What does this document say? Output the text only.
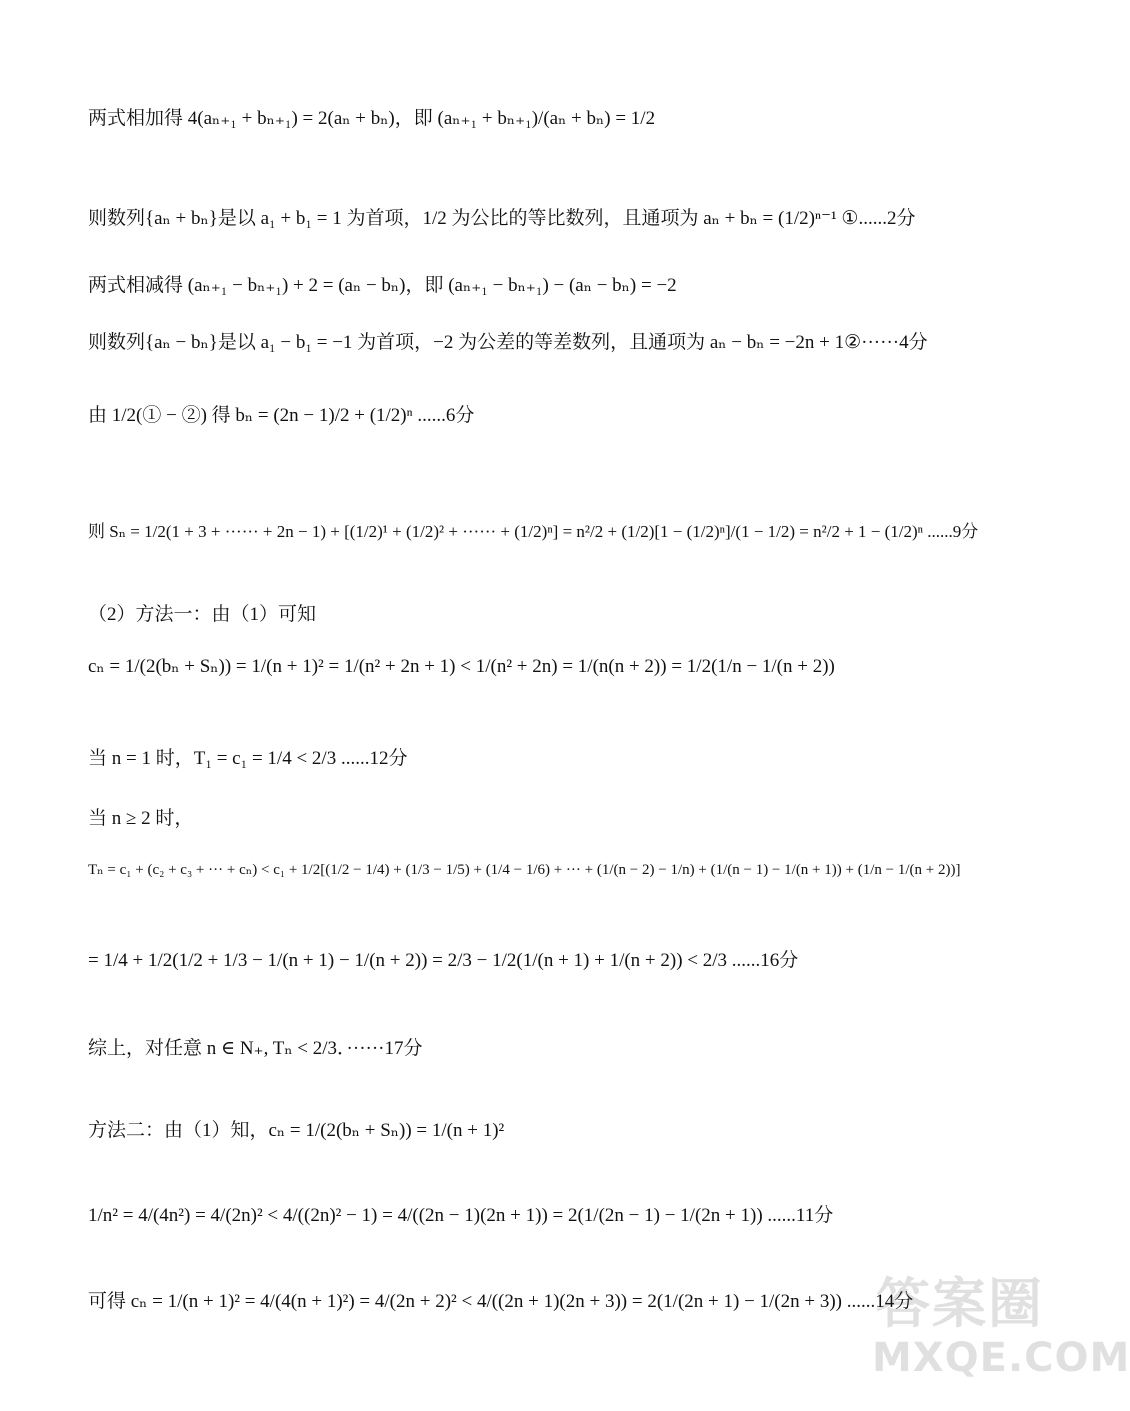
两式相加得 4(aₙ₊₁ + bₙ₊₁) = 2(aₙ + bₙ)，即 (aₙ₊₁ + bₙ₊₁)/(aₙ + bₙ) = 1/2
则数列{aₙ + bₙ}是以 a₁ + b₁ = 1 为首项，1/2 为公比的等比数列，且通项为 aₙ + bₙ = (1/2)ⁿ⁻¹ ①......2分
两式相减得 (aₙ₊₁ − bₙ₊₁) + 2 = (aₙ − bₙ)，即 (aₙ₊₁ − bₙ₊₁) − (aₙ − bₙ) = −2
则数列{aₙ − bₙ}是以 a₁ − b₁ = −1 为首项，−2 为公差的等差数列，且通项为 aₙ − bₙ = −2n + 1②······4分
由 1/2(① − ②) 得 bₙ = (2n − 1)/2 + (1/2)ⁿ ......6分
则 Sₙ = 1/2(1 + 3 + ······ + 2n − 1) + [(1/2)¹ + (1/2)² + ······ + (1/2)ⁿ] = n²/2 + (1/2)[1 − (1/2)ⁿ]/(1 − 1/2) = n²/2 + 1 − (1/2)ⁿ ......9分
（2）方法一：由（1）可知
cₙ = 1/(2(bₙ + Sₙ)) = 1/(n + 1)² = 1/(n² + 2n + 1) < 1/(n² + 2n) = 1/(n(n + 2)) = 1/2(1/n − 1/(n + 2))
当 n = 1 时，T₁ = c₁ = 1/4 < 2/3 ......12分
当 n ≥ 2 时，
Tₙ = c₁ + (c₂ + c₃ + ··· + cₙ) < c₁ + 1/2[(1/2 − 1/4) + (1/3 − 1/5) + (1/4 − 1/6) + ··· + (1/(n − 2) − 1/n) + (1/(n − 1) − 1/(n + 1)) + (1/n − 1/(n + 2))]
= 1/4 + 1/2(1/2 + 1/3 − 1/(n + 1) − 1/(n + 2)) = 2/3 − 1/2(1/(n + 1) + 1/(n + 2)) < 2/3 ......16分
综上，对任意 n ∈ N₊, Tₙ < 2/3．······17分
方法二：由（1）知，cₙ = 1/(2(bₙ + Sₙ)) = 1/(n + 1)²
1/n² = 4/(4n²) = 4/(2n)² < 4/((2n)² − 1) = 4/((2n − 1)(2n + 1)) = 2(1/(2n − 1) − 1/(2n + 1)) ......11分
可得 cₙ = 1/(n + 1)² = 4/(4(n + 1)²) = 4/(2n + 2)² < 4/((2n + 1)(2n + 3)) = 2(1/(2n + 1) − 1/(2n + 3)) ......14分
答案圈
MXQE.COM
